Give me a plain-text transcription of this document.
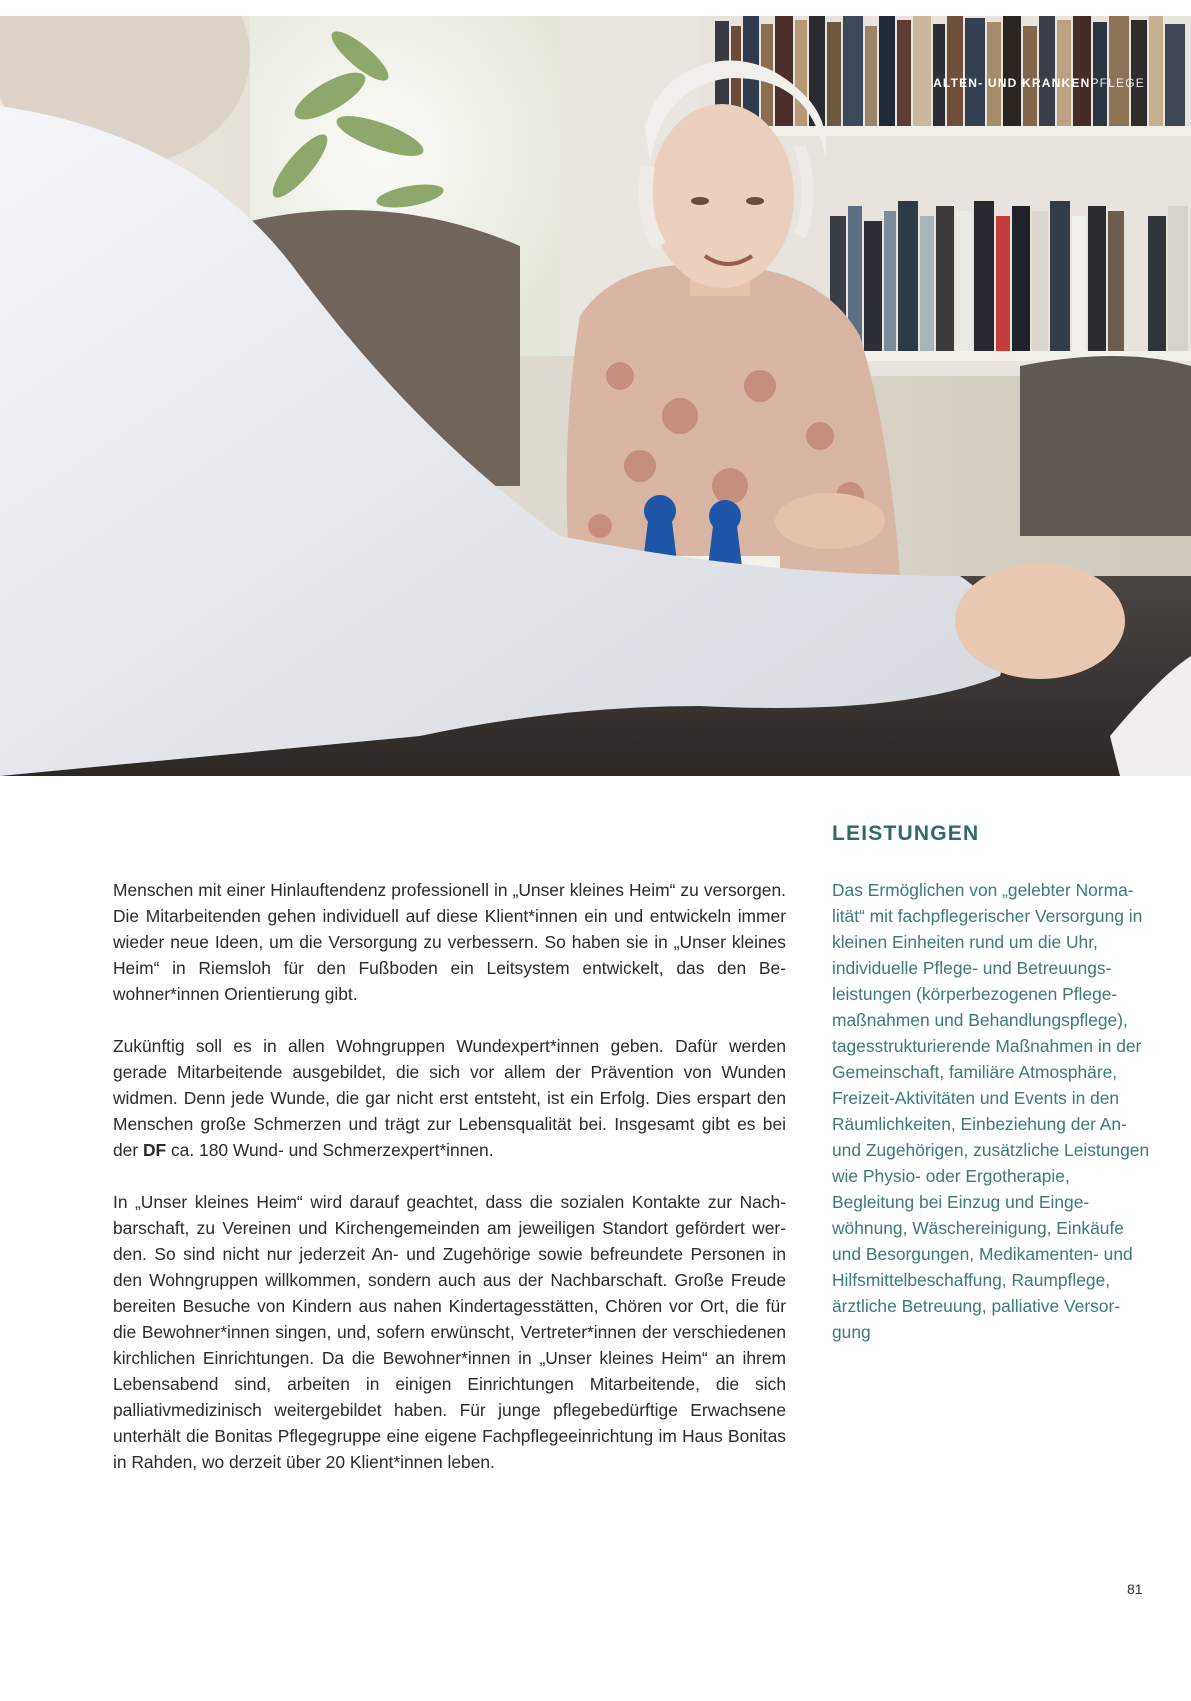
ALTEN- UND KRANKENPFLEGE
LEISTUNGEN

Menschen mit einer Hinlauftendenz professionell in „Unser kleines Heim“ zu versorgen. Die Mitarbeitenden gehen individuell auf diese Klient*innen ein und entwickeln immer wieder neue Ideen, um die Versorgung zu verbessern. So haben sie in „Unser kleines Heim“ in Riemsloh für den Fußboden ein Leitsystem entwickelt, das den Bewohner*innen Orientierung gibt.

Zukünftig soll es in allen Wohngruppen Wundexpert*innen geben. Dafür werden gerade Mitarbeitende ausgebildet, die sich vor allem der Prävention von Wunden widmen. Denn jede Wunde, die gar nicht erst entsteht, ist ein Erfolg. Dies erspart den Menschen große Schmerzen und trägt zur Lebensqualität bei. Insgesamt gibt es bei der DF ca. 180 Wund- und Schmerzexpert*innen.

In „Unser kleines Heim“ wird darauf geachtet, dass die sozialen Kontakte zur Nachbarschaft, zu Vereinen und Kirchengemeinden am jeweiligen Standort gefördert werden. So sind nicht nur jederzeit An- und Zugehörige sowie befreundete Personen in den Wohngruppen willkommen, sondern auch aus der Nachbarschaft. Große Freude bereiten Besuche von Kindern aus nahen Kindertagesstätten, Chören vor Ort, die für die Bewohner*innen singen, und, sofern erwünscht, Vertreter*innen der verschiedenen kirchlichen Einrichtungen. Da die Bewohner*innen in „Unser kleines Heim“ an ihrem Lebensabend sind, arbeiten in einigen Einrichtungen Mitarbeitende, die sich palliativmedizinisch weitergebildet haben. Für junge pflegebedürftige Erwachsene unterhält die Bonitas Pflegegruppe eine eigene Fachpflegeeinrichtung im Haus Bonitas in Rahden, wo derzeit über 20 Klient*innen leben.

Das Ermöglichen von „gelebter Normalität“ mit fachpflegerischer Versorgung in kleinen Einheiten rund um die Uhr, individuelle Pflege- und Betreuungsleistungen (körperbezogenen Pflegemaßnahmen und Behandlungspflege), tagesstrukturierende Maßnahmen in der Gemeinschaft, familiäre Atmosphäre, Freizeit-Aktivitäten und Events in den Räumlichkeiten, Einbeziehung der An- und Zugehörigen, zusätzliche Leistungen wie Physio- oder Ergotherapie, Begleitung bei Einzug und Eingewöhnung, Wäschereinigung, Einkäufe und Besorgungen, Medikamenten- und Hilfsmittelbeschaffung, Raumpflege, ärztliche Betreuung, palliative Versorgung
81
